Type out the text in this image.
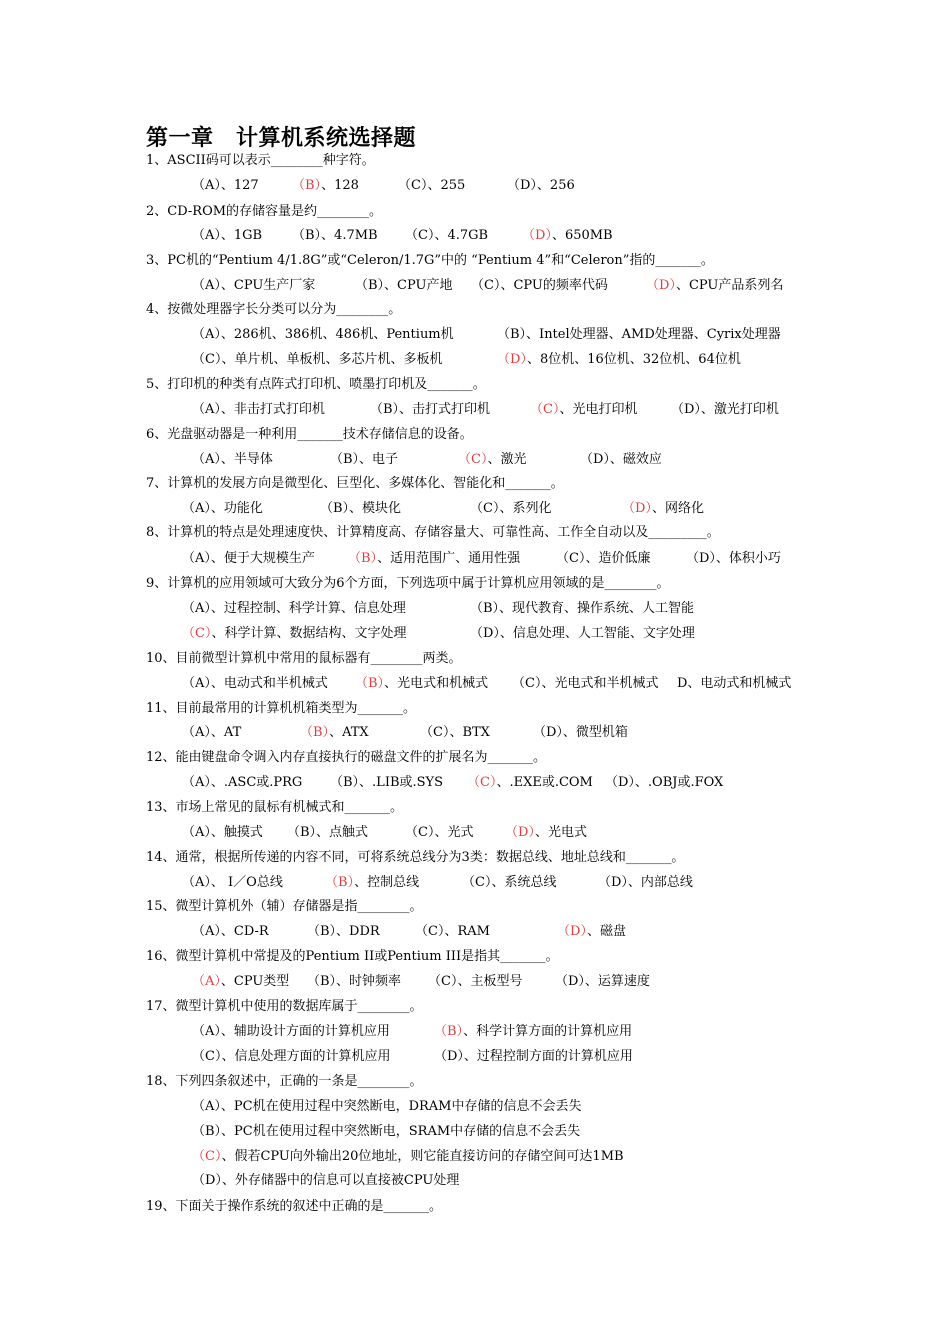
第一章　计算机系统选择题
1、ASCII码可以表示________种字符。
（A）、127	（B）、128	（C）、255	（D）、256
2、CD-ROM的存储容量是约________。
（A）、1GB （B）、4.7MB （C）、4.7GB	（D）、650MB
3、PC机的“Pentium 4/1.8G”或“Celeron/1.7G”中的 “Pentium 4”和“Celeron”指的_______。
（A）、CPU生产厂家	（B）、CPU产地 （C）、CPU的频率代码	（D）、CPU产品系列名
4、按微处理器字长分类可以分为________。
（A）、286机、386机、486机、Pentium机	（B）、Intel处理器、AMD处理器、Cyrix处理器
（C）、单片机、单板机、多芯片机、多板机	（D）、8位机、16位机、32位机、64位机
5、打印机的种类有点阵式打印机、喷墨打印机及_______。
（A）、非击打式打印机	（B）、击打式打印机	（C）、光电打印机	（D）、激光打印机
6、光盘驱动器是一种利用_______技术存储信息的设备。
（A）、半导体	（B）、电子	（C）、激光	（D）、磁效应
7、计算机的发展方向是微型化、巨型化、多媒体化、智能化和_______。
（A）、功能化	（B）、模块化	（C）、系列化	（D）、网络化
8、计算机的特点是处理速度快、计算精度高、存储容量大、可靠性高、工作全自动以及_________。
（A）、便于大规模生产	（B）、适用范围广、通用性强	（C）、造价低廉	（D）、体积小巧
9、计算机的应用领域可大致分为6个方面，下列选项中属于计算机应用领域的是________。
（A）、过程控制、科学计算、信息处理	（B）、现代教育、操作系统、人工智能
（C）、科学计算、数据结构、文字处理	（D）、信息处理、人工智能、文字处理
10、目前微型计算机中常用的鼠标器有________两类。
（A）、电动式和半机械式 （B）、光电式和机械式 （C）、光电式和半机械式 D、电动式和机械式
11、目前最常用的计算机机箱类型为_______。
（A）、AT	（B）、ATX	（C）、BTX	（D）、微型机箱
12、能由键盘命令调入内存直接执行的磁盘文件的扩展名为_______。
（A）、.ASC或.PRG （B）、.LIB或.SYS （C）、.EXE或.COM （D）、.OBJ或.FOX
13、市场上常见的鼠标有机械式和_______。
（A）、触摸式 （B）、点触式	（C）、光式 （D）、光电式
14、通常，根据所传递的内容不同，可将系统总线分为3类：数据总线、地址总线和_______。
（A）、 I／O总线	（B）、控制总线	（C）、系统总线	（D）、内部总线
15、微型计算机外（辅）存储器是指________。
（A）、CD-R	（B）、DDR	（C）、RAM	（D）、磁盘
16、微型计算机中常提及的Pentium II或Pentium III是指其_______。
（A）、CPU类型 （B）、时钟频率 （C）、主板型号	（D）、运算速度
17、微型计算机中使用的数据库属于________。
（A）、辅助设计方面的计算机应用	（B）、科学计算方面的计算机应用
（C）、信息处理方面的计算机应用	（D）、过程控制方面的计算机应用
18、下列四条叙述中，正确的一条是________。
（A）、PC机在使用过程中突然断电，DRAM中存储的信息不会丢失
（B）、PC机在使用过程中突然断电，SRAM中存储的信息不会丢失
（C）、假若CPU向外输出20位地址，则它能直接访问的存储空间可达1MB
（D）、外存储器中的信息可以直接被CPU处理
19、下面关于操作系统的叙述中正确的是_______。
